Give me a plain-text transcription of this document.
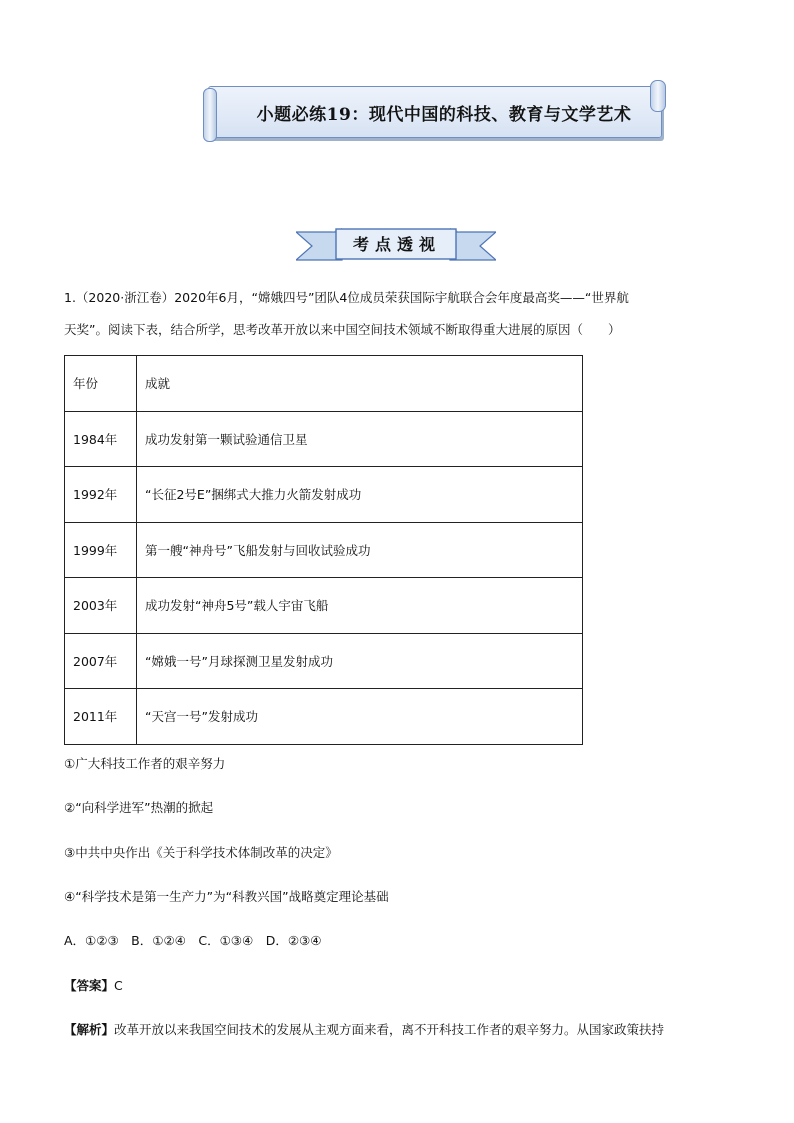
小题必练19：现代中国的科技、教育与文学艺术
考点透视
1.（2020·浙江卷）2020年6月，“嫦娥四号”团队4位成员荣获国际宇航联合会年度最高奖——“世界航
天奖”。阅读下表，结合所学，思考改革开放以来中国空间技术领域不断取得重大进展的原因（　　）
年份	成就
1984年	成功发射第一颗试验通信卫星
1992年	“长征2号E”捆绑式大推力火箭发射成功
1999年	第一艘“神舟号”飞船发射与回收试验成功
2003年	成功发射“神舟5号”载人宇宙飞船
2007年	“嫦娥一号”月球探测卫星发射成功
2011年	“天宫一号”发射成功
①广大科技工作者的艰辛努力
②“向科学进军”热潮的掀起
③中共中央作出《关于科学技术体制改革的决定》
④“科学技术是第一生产力”为“科教兴国”战略奠定理论基础
A．①②③　B．①②④　C．①③④　D．②③④
【答案】C
【解析】改革开放以来我国空间技术的发展从主观方面来看，离不开科技工作者的艰辛努力。从国家政策扶持
